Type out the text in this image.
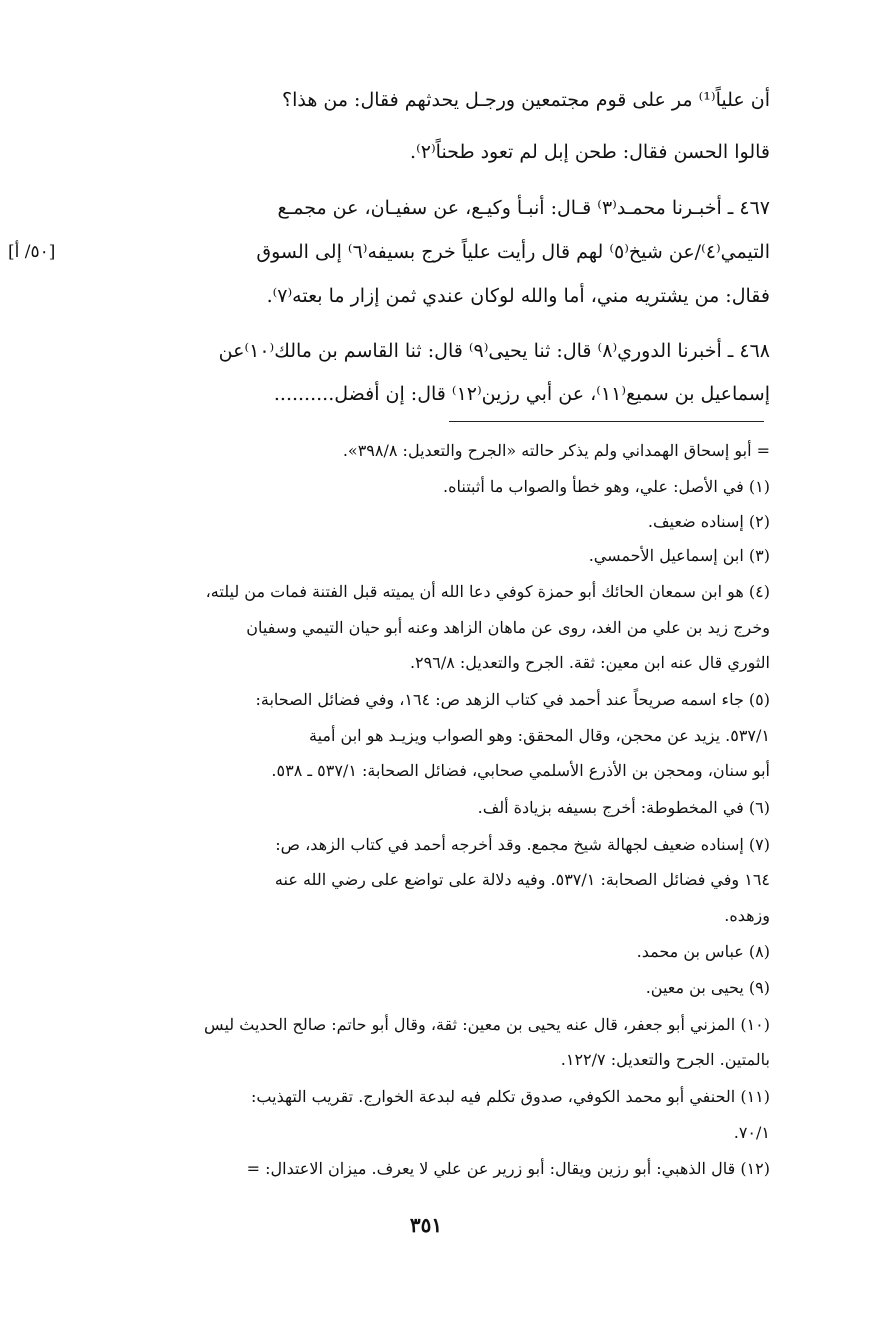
أن علياً⁽¹⁾ مر على قوم مجتمعين ورجـل يحدثهم فقال: من هذا؟
قالوا الحسن فقال: طحن إبل لم تعود طحناً⁽٢⁾.
٤٦٧ ـ أخبـرنا محمـد⁽٣⁾ قـال: أنبـأ وكيـع، عن سفيـان، عن مجمـع
التيمي⁽٤⁾/عن شيخ⁽٥⁾ لهم قال رأيت علياً خرج بسيفه⁽٦⁾ إلى السوق
فقال: من يشتريه مني، أما والله لوكان عندي ثمن إزار ما بعته⁽٧⁾.
٤٦٨ ـ أخبرنا الدوري⁽٨⁾ قال: ثنا يحيى⁽٩⁾ قال: ثنا القاسم بن مالك⁽١٠⁾عن
إسماعيل بن سميع⁽١١⁾، عن أبي رزين⁽١٢⁾ قال: إن أفضل..........
[٥٠/ أ]
= أبو إسحاق الهمداني ولم يذكر حالته «الجرح والتعديل: ٣٩٨/٨».
(١) في الأصل: علي، وهو خطأ والصواب ما أثبتناه.
(٢) إسناده ضعيف.
(٣) ابن إسماعيل الأحمسي.
(٤) هو ابن سمعان الحائك أبو حمزة كوفي دعا الله أن يميته قبل الفتنة فمات من ليلته،
وخرج زيد بن علي من الغد، روى عن ماهان الزاهد وعنه أبو حيان التيمي وسفيان
الثوري قال عنه ابن معين: ثقة. الجرح والتعديل: ٢٩٦/٨.
(٥) جاء اسمه صريحاً عند أحمد في كتاب الزهد ص: ١٦٤، وفي فضائل الصحابة:
٥٣٧/١. يزيد عن محجن، وقال المحقق: وهو الصواب ويزيـد هو ابن أمية
أبو سنان، ومحجن بن الأذرع الأسلمي صحابي، فضائل الصحابة: ٥٣٧/١ ـ ٥٣٨.
(٦) في المخطوطة: أخرج بسيفه بزيادة ألف.
(٧) إسناده ضعيف لجهالة شيخ مجمع. وقد أخرجه أحمد في كتاب الزهد، ص:
١٦٤ وفي فضائل الصحابة: ٥٣٧/١. وفيه دلالة على تواضع على رضي الله عنه
وزهده.
(٨) عباس بن محمد.
(٩) يحيى بن معين.
(١٠) المزني أبو جعفر، قال عنه يحيى بن معين: ثقة، وقال أبو حاتم: صالح الحديث ليس
بالمتين. الجرح والتعديل: ١٢٢/٧.
(١١) الحنفي أبو محمد الكوفي، صدوق تكلم فيه لبدعة الخوارج. تقريب التهذيب:
٧٠/١.
(١٢) قال الذهبي: أبو رزين ويقال: أبو زرير عن علي لا يعرف. ميزان الاعتدال: =
٣٥١
